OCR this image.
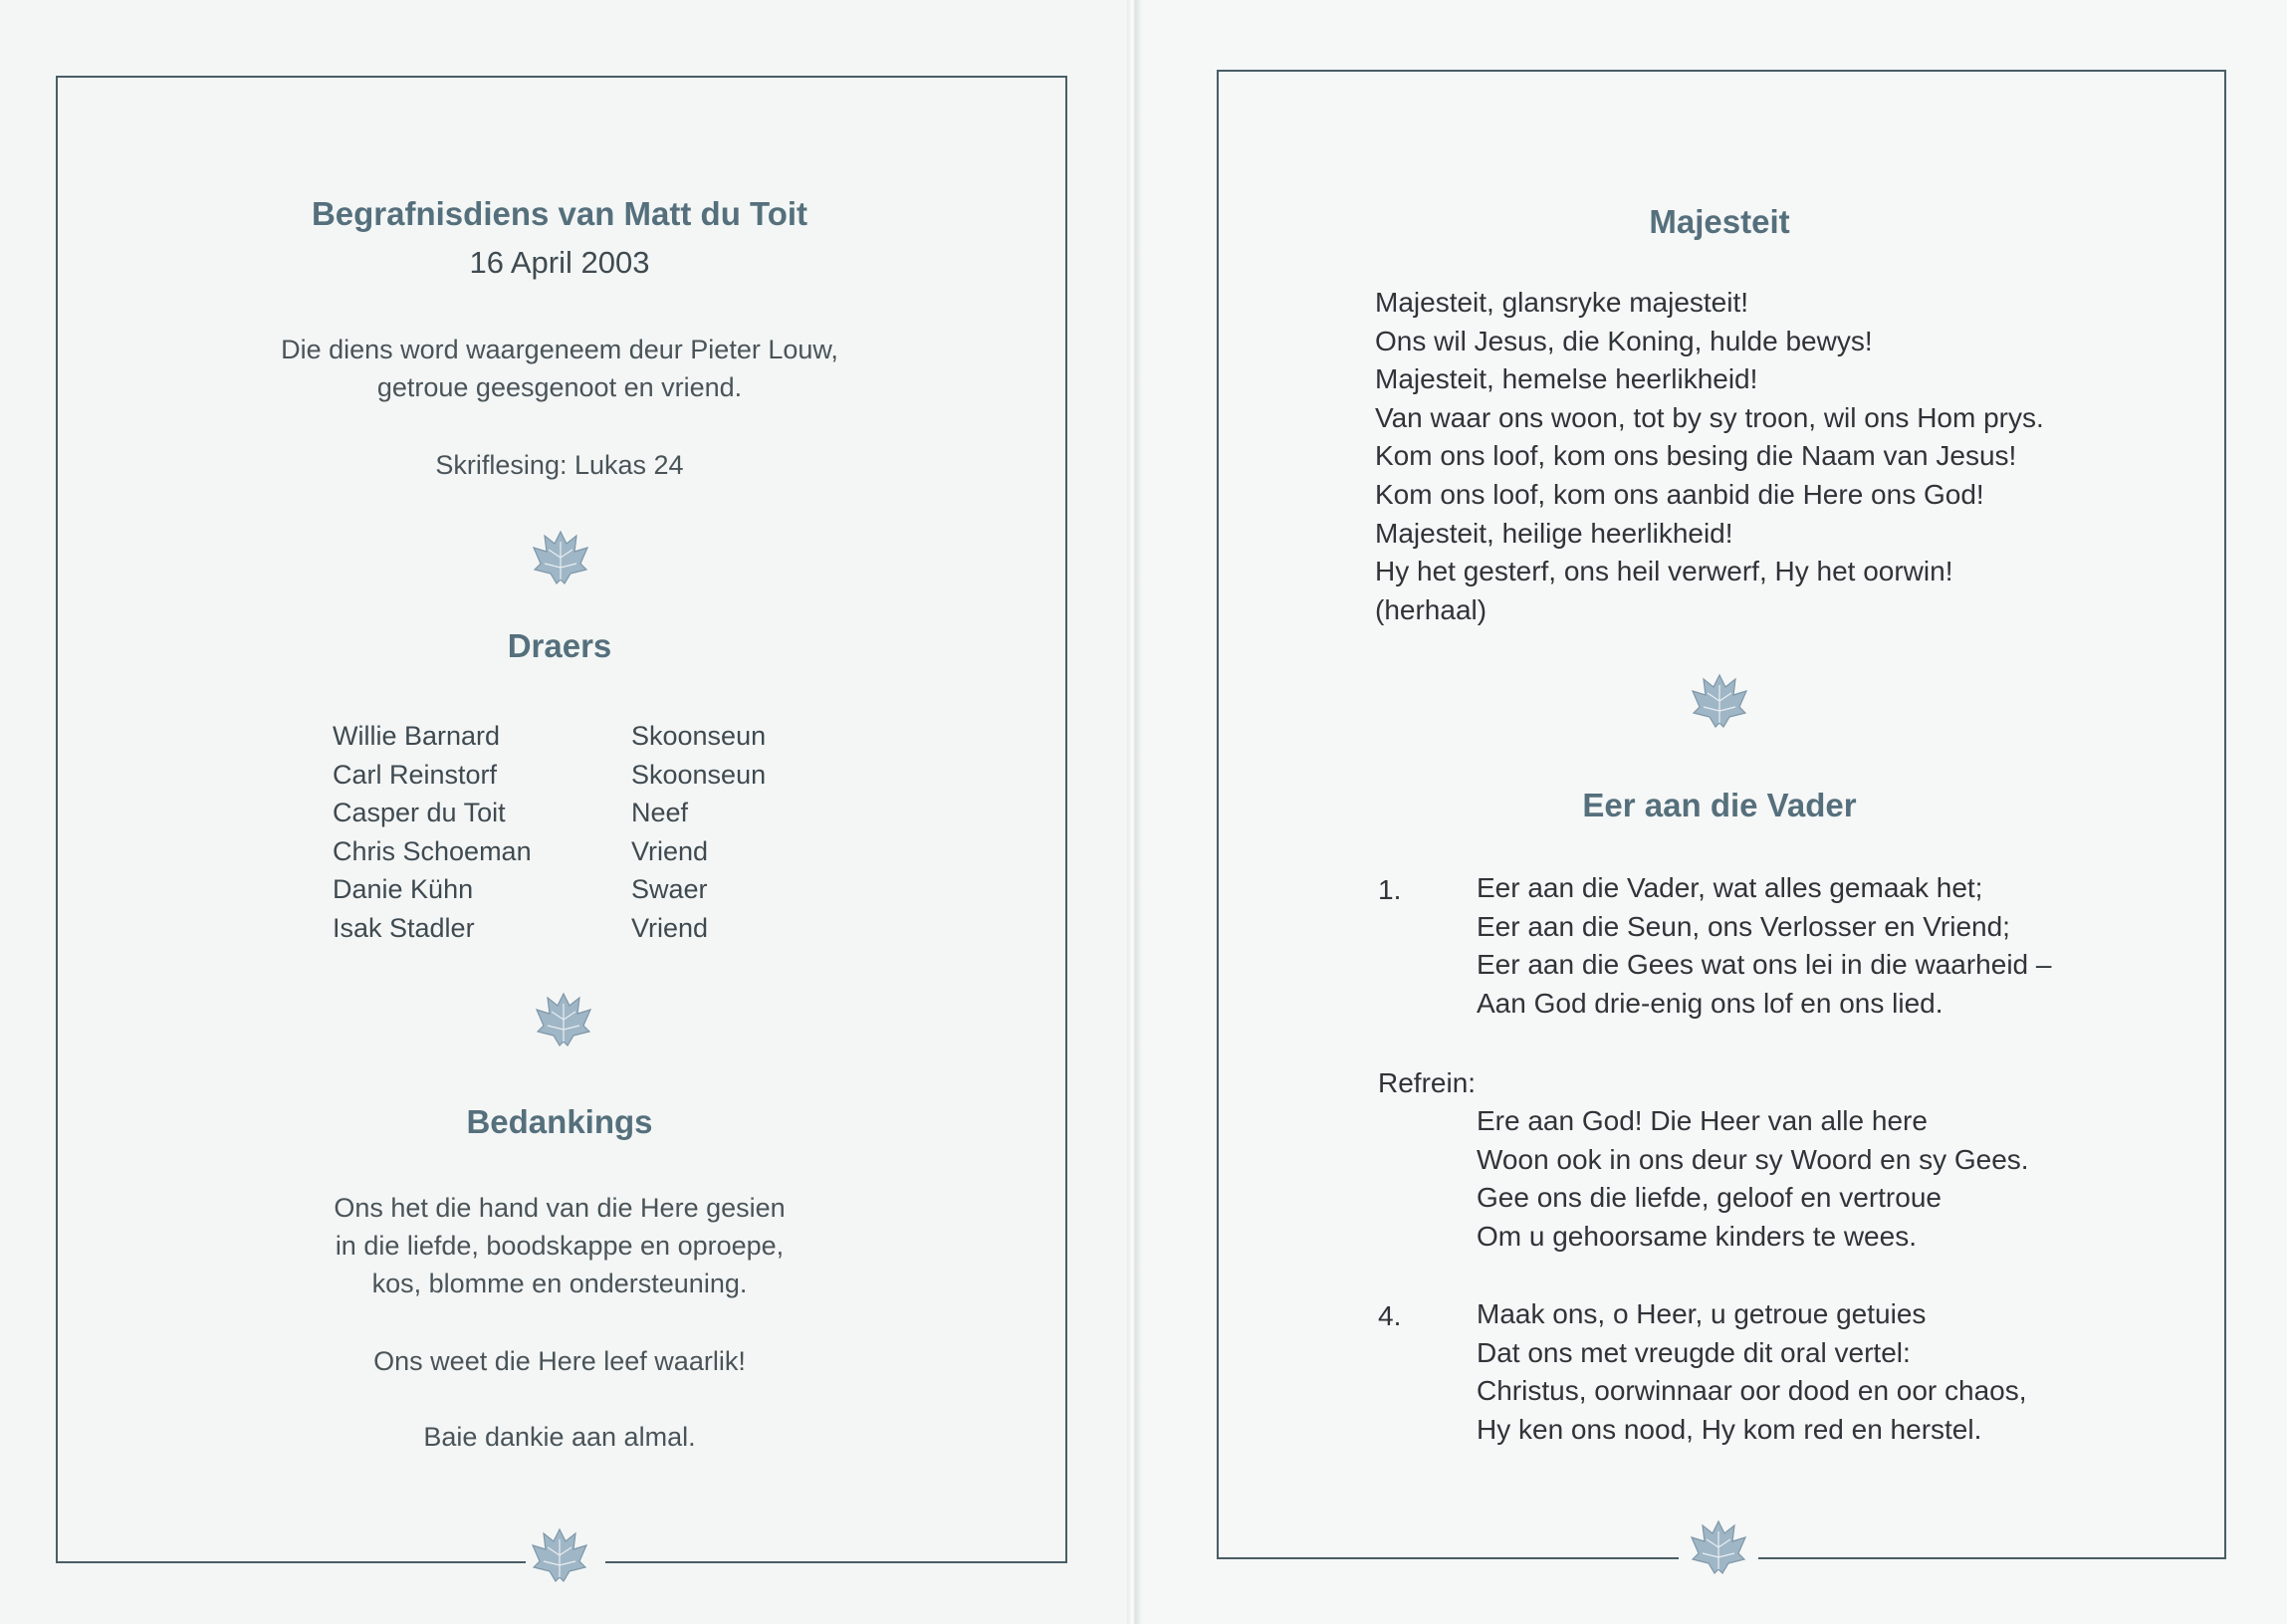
Begrafnisdiens van Matt du Toit
16 April 2003
Die diens word waargeneem deur Pieter Louw,
getroue geesgenoot en vriend.
Skriflesing: Lukas 24
Draers
Willie Barnard	Skoonseun
Carl Reinstorf	Skoonseun
Casper du Toit	Neef
Chris Schoeman	Vriend
Danie Kühn	Swaer
Isak Stadler	Vriend
Bedankings
Ons het die hand van die Here gesien
in die liefde, boodskappe en oproepe,
kos, blomme en ondersteuning.
Ons weet die Here leef waarlik!
Baie dankie aan almal.
Majesteit
Majesteit, glansryke majesteit!
Ons wil Jesus, die Koning, hulde bewys!
Majesteit, hemelse heerlikheid!
Van waar ons woon, tot by sy troon, wil ons Hom prys.
Kom ons loof, kom ons besing die Naam van Jesus!
Kom ons loof, kom ons aanbid die Here ons God!
Majesteit, heilige heerlikheid!
Hy het gesterf, ons heil verwerf, Hy het oorwin!
(herhaal)
Eer aan die Vader
1.	Eer aan die Vader, wat alles gemaak het;
Eer aan die Seun, ons Verlosser en Vriend;
Eer aan die Gees wat ons lei in die waarheid –
Aan God drie-enig ons lof en ons lied.
Refrein:
Ere aan God! Die Heer van alle here
Woon ook in ons deur sy Woord en sy Gees.
Gee ons die liefde, geloof en vertroue
Om u gehoorsame kinders te wees.
4.	Maak ons, o Heer, u getroue getuies
Dat ons met vreugde dit oral vertel:
Christus, oorwinnaar oor dood en oor chaos,
Hy ken ons nood, Hy kom red en herstel.
